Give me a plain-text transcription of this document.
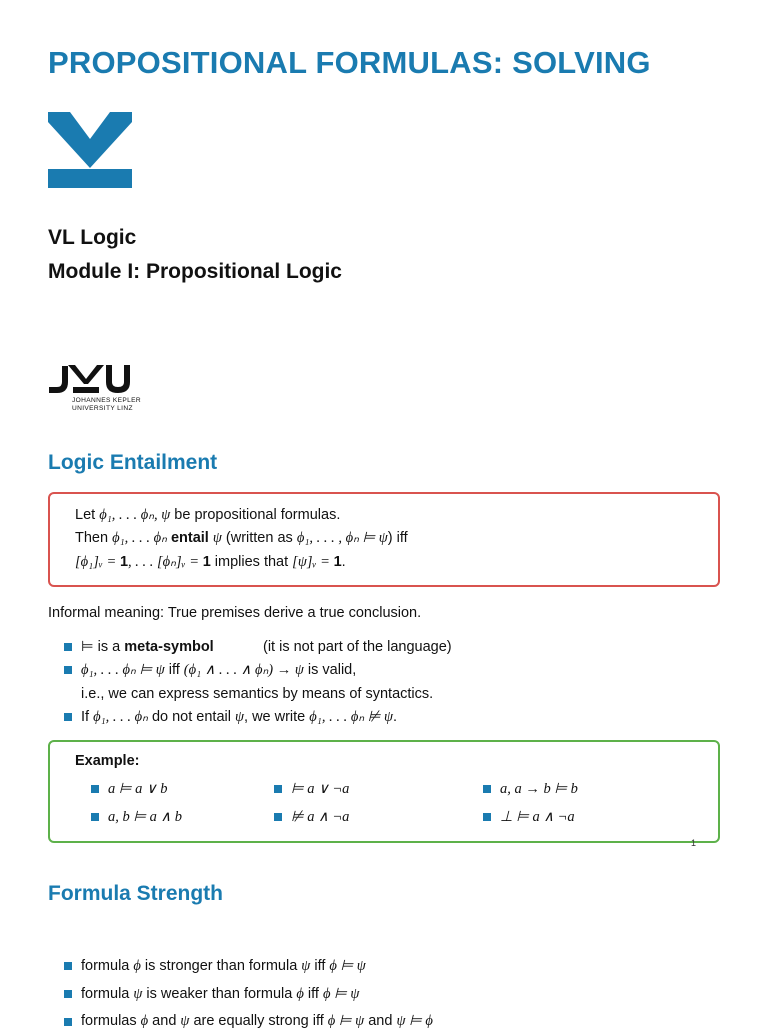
PROPOSITIONAL FORMULAS: SOLVING
VL Logic
Module I: Propositional Logic
JOHANNES KEPLER
UNIVERSITY LINZ
Logic Entailment
Let ϕ₁, . . . ϕₙ, ψ be propositional formulas.
Then ϕ₁, . . . ϕₙ entail ψ (written as ϕ₁, . . . , ϕₙ ⊨ ψ) iff
[ϕ₁]ᵥ = 1, . . . [ϕₙ]ᵥ = 1 implies that [ψ]ᵥ = 1.
Informal meaning: True premises derive a true conclusion.
⊨ is a meta-symbol	(it is not part of the language)
ϕ₁, . . . ϕₙ ⊨ ψ iff (ϕ₁ ∧ . . . ∧ ϕₙ) → ψ is valid,
i.e., we can express semantics by means of syntactics.
If ϕ₁, . . . ϕₙ do not entail ψ, we write ϕ₁, . . . ϕₙ ⊭ ψ.
Example:
a ⊨ a ∨ b	⊨ a ∨ ¬a	a, a → b ⊨ b
a, b ⊨ a ∧ b	⊭ a ∧ ¬a	⊥ ⊨ a ∧ ¬a
1
Formula Strength
formula ϕ is stronger than formula ψ iff ϕ ⊨ ψ
formula ψ is weaker than formula ϕ iff ϕ ⊨ ψ
formulas ϕ and ψ are equally strong iff ϕ ⊨ ψ and ψ ⊨ ϕ
